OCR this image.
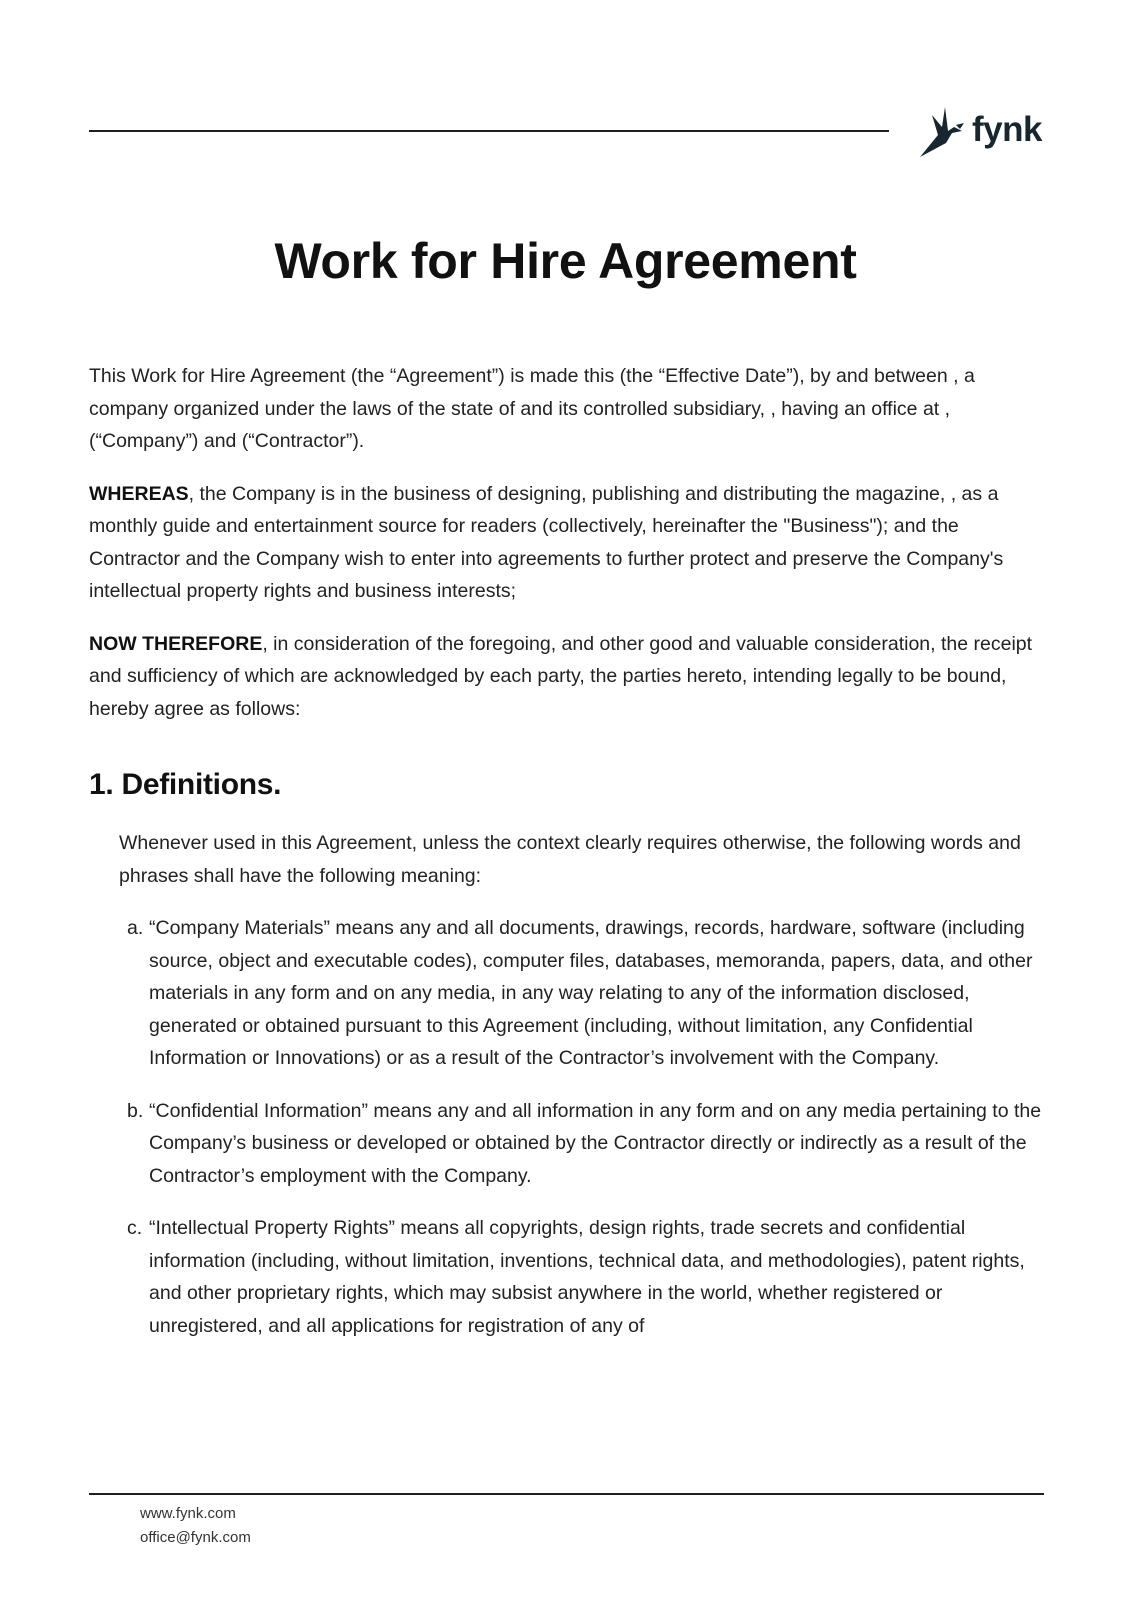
fynk
Work for Hire Agreement

This Work for Hire Agreement (the “Agreement”) is made this (the “Effective Date”), by and between , a company organized under the laws of the state of and its controlled subsidiary, , having an office at , (“Company”) and (“Contractor”).

WHEREAS, the Company is in the business of designing, publishing and distributing the magazine, , as a monthly guide and entertainment source for readers (collectively, hereinafter the "Business"); and the Contractor and the Company wish to enter into agreements to further protect and preserve the Company's intellectual property rights and business interests;

NOW THEREFORE, in consideration of the foregoing, and other good and valuable consideration, the receipt and sufficiency of which are acknowledged by each party, the parties hereto, intending legally to be bound, hereby agree as follows:

1. Definitions.

Whenever used in this Agreement, unless the context clearly requires otherwise, the following words and phrases shall have the following meaning:

a. “Company Materials” means any and all documents, drawings, records, hardware, software (including source, object and executable codes), computer files, databases, memoranda, papers, data, and other materials in any form and on any media, in any way relating to any of the information disclosed, generated or obtained pursuant to this Agreement (including, without limitation, any Confidential Information or Innovations) or as a result of the Contractor’s involvement with the Company.
b. “Confidential Information” means any and all information in any form and on any media pertaining to the Company’s business or developed or obtained by the Contractor directly or indirectly as a result of the Contractor’s employment with the Company.
c. “Intellectual Property Rights” means all copyrights, design rights, trade secrets and confidential information (including, without limitation, inventions, technical data, and methodologies), patent rights, and other proprietary rights, which may subsist anywhere in the world, whether registered or unregistered, and all applications for registration of any of
www.fynk.com
office@fynk.com
